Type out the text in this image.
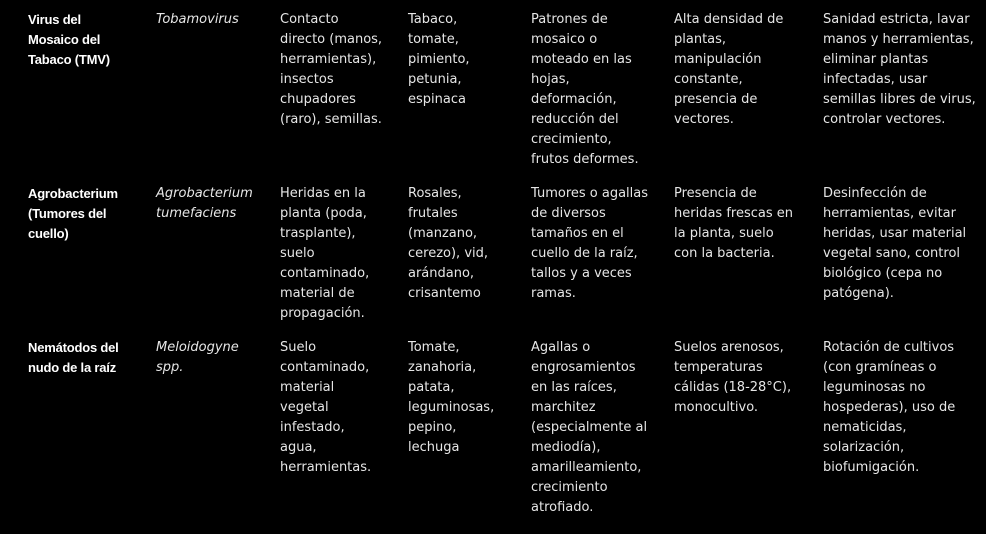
Virus del Mosaico del Tabaco (TMV)	Tobamovirus	Contacto directo (manos, herramientas), insectos chupadores (raro), semillas.	Tabaco, tomate, pimiento, petunia, espinaca	Patrones de mosaico o moteado en las hojas, deformación, reducción del crecimiento, frutos deformes.	Alta densidad de plantas, manipulación constante, presencia de vectores.	Sanidad estricta, lavar manos y herramientas, eliminar plantas infectadas, usar semillas libres de virus, controlar vectores.
Agrobacterium (Tumores del cuello)	Agrobacterium tumefaciens	Heridas en la planta (poda, trasplante), suelo contaminado, material de propagación.	Rosales, frutales (manzano, cerezo), vid, arándano, crisantemo	Tumores o agallas de diversos tamaños en el cuello de la raíz, tallos y a veces ramas.	Presencia de heridas frescas en la planta, suelo con la bacteria.	Desinfección de herramientas, evitar heridas, usar material vegetal sano, control biológico (cepa no patógena).
Nemátodos del nudo de la raíz	Meloidogyne spp.	Suelo contaminado, material vegetal infestado, agua, herramientas.	Tomate, zanahoria, patata, leguminosas, pepino, lechuga	Agallas o engrosamientos en las raíces, marchitez (especialmente al mediodía), amarilleamiento, crecimiento atrofiado.	Suelos arenosos, temperaturas cálidas (18-28°C), monocultivo.	Rotación de cultivos (con gramíneas o leguminosas no hospederas), uso de nematicidas, solarización, biofumigación.
